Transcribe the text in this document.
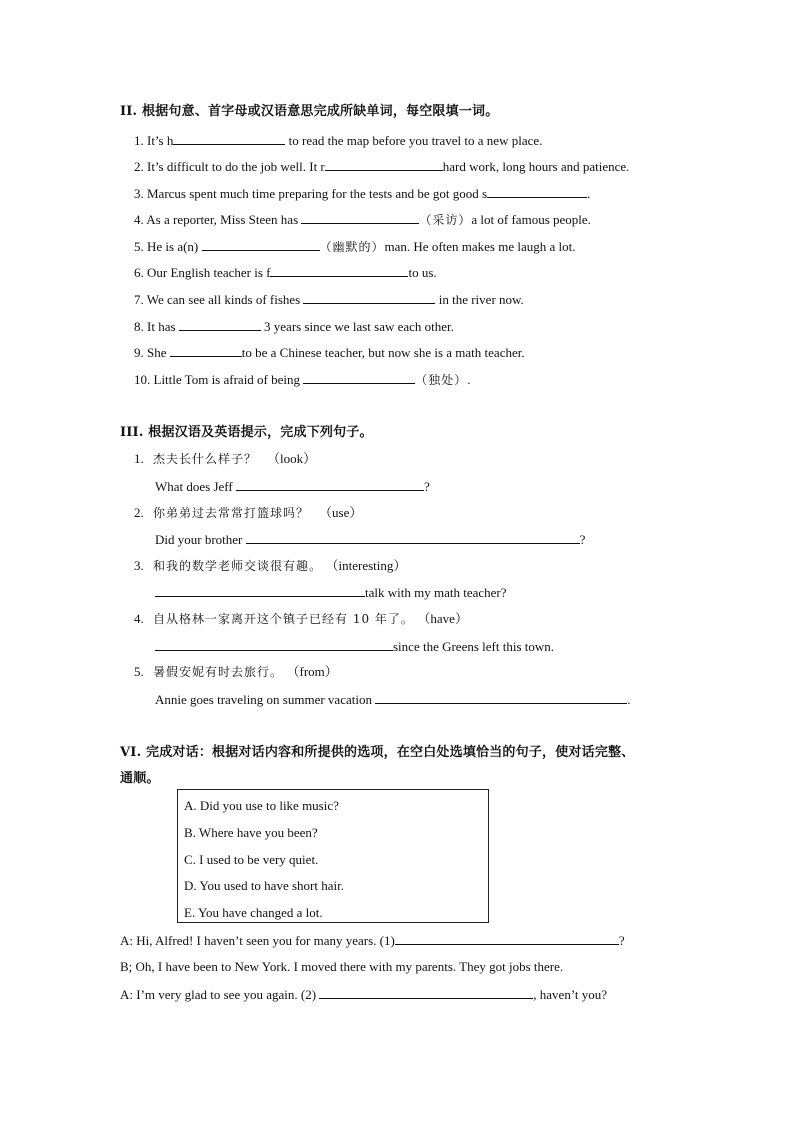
II. 根据句意、首字母或汉语意思完成所缺单词，每空限填一词。
1. It’s h	to read the map before you travel to a new place.
2. It’s difficult to do the job well. It r	hard work, long hours and patience.
3. Marcus spent much time preparing for the tests and be got good s	.
4. As a reporter, Miss Steen has	（采访）a lot of famous people.
5. He is a(n)	（幽默的）man. He often makes me laugh a lot.
6. Our English teacher is f	to us.
7. We can see all kinds of fishes	in the river now.
8. It has	3 years since we last saw each other.
9. She	to be a Chinese teacher, but now she is a math teacher.
10. Little Tom is afraid of being	（独处）.
III. 根据汉语及英语提示，完成下列句子。
1. 杰夫长什么样子？ （look）
What does Jeff	?
2. 你弟弟过去常常打篮球吗？ （use）
Did your brother	?
3. 和我的数学老师交谈很有趣。 （interesting）
talk with my math teacher?
4. 自从格林一家离开这个镇子已经有 10 年了。 （have）
since the Greens left this town.
5. 暑假安妮有时去旅行。 （from）
Annie goes traveling on summer vacation	.
VI. 完成对话：根据对话内容和所提供的选项，在空白处选填恰当的句子，使对话完整、
通顺。
A. Did you use to like music?
B. Where have you been?
C. I used to be very quiet.
D. You used to have short hair.
E. You have changed a lot.
A: Hi, Alfred! I haven’t seen you for many years. (1)	?
B; Oh, I have been to New York. I moved there with my parents. They got jobs there.
A: I’m very glad to see you again. (2)	, haven’t you?
